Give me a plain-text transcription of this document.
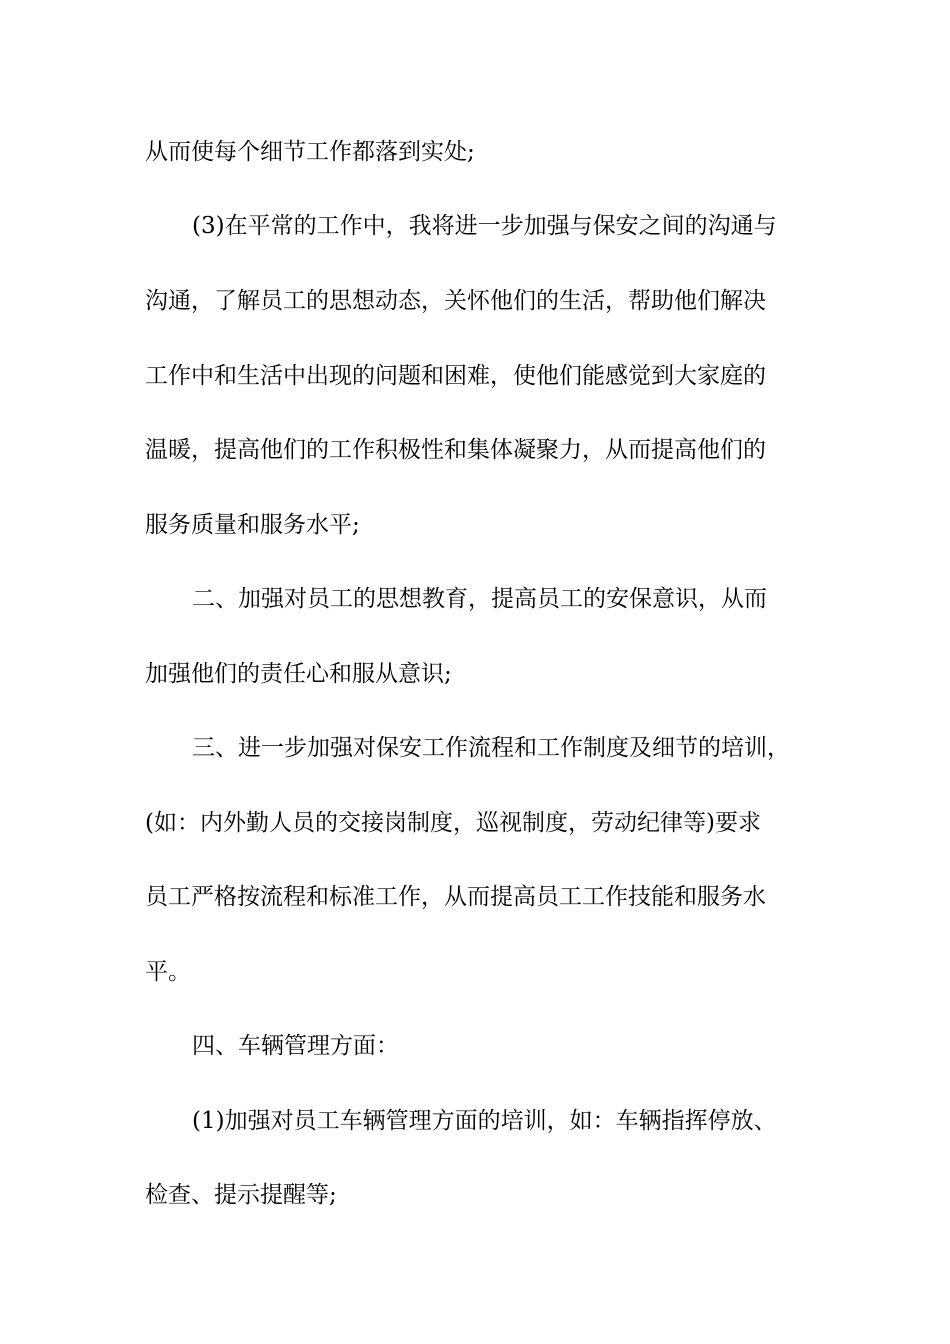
从而使每个细节工作都落到实处;
(3)在平常的工作中，我将进一步加强与保安之间的沟通与
沟通，了解员工的思想动态，关怀他们的生活，帮助他们解决
工作中和生活中出现的问题和困难，使他们能感觉到大家庭的
温暖，提高他们的工作积极性和集体凝聚力，从而提高他们的
服务质量和服务水平;
二、加强对员工的思想教育，提高员工的安保意识，从而
加强他们的责任心和服从意识;
三、进一步加强对保安工作流程和工作制度及细节的培训，
(如：内外勤人员的交接岗制度，巡视制度，劳动纪律等)要求
员工严格按流程和标准工作，从而提高员工工作技能和服务水
平。
四、车辆管理方面：
(1)加强对员工车辆管理方面的培训，如：车辆指挥停放、
检查、提示提醒等;
